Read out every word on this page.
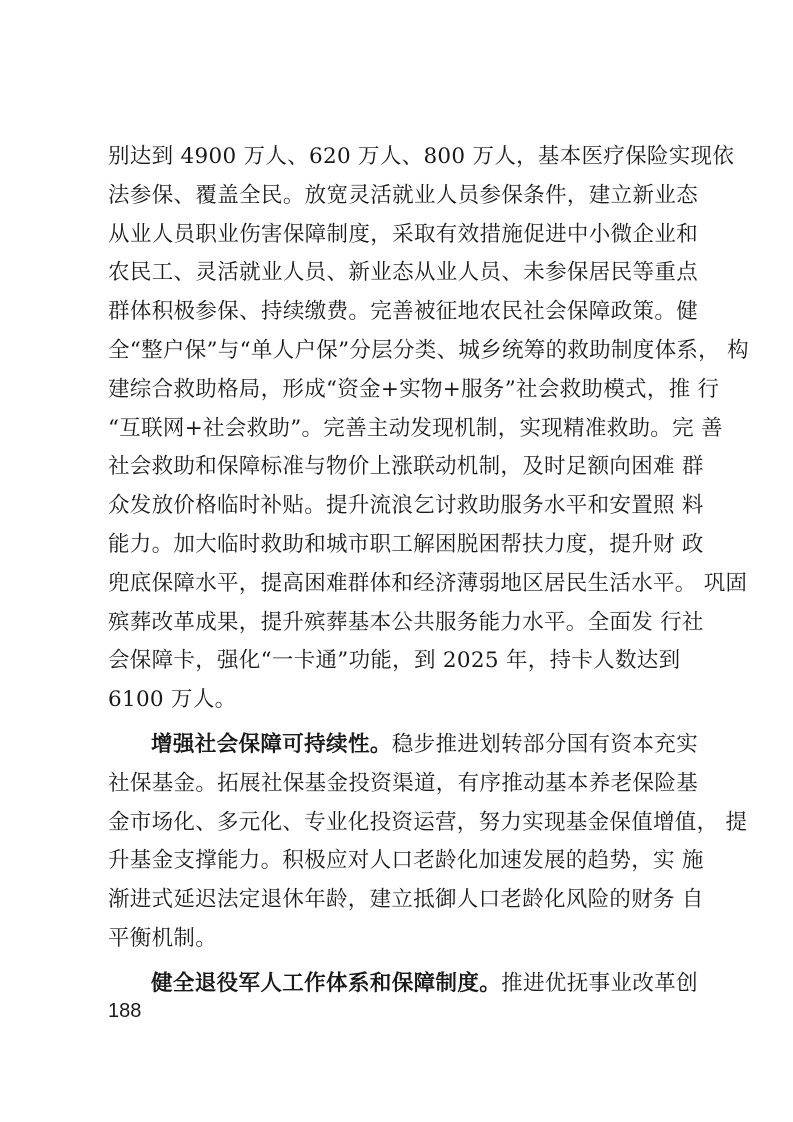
别达到 4900 万人、620 万人、800 万人，基本医疗保险实现依
法参保、覆盖全民。放宽灵活就业人员参保条件，建立新业态
从业人员职业伤害保障制度，采取有效措施促进中小微企业和
农民工、灵活就业人员、新业态从业人员、未参保居民等重点
群体积极参保、持续缴费。完善被征地农民社会保障政策。健
全“整户保”与“单人户保”分层分类、城乡统筹的救助制度体系， 构
建综合救助格局，形成“资金+实物+服务”社会救助模式，推 行
“互联网+社会救助”。完善主动发现机制，实现精准救助。完 善
社会救助和保障标准与物价上涨联动机制，及时足额向困难 群
众发放价格临时补贴。提升流浪乞讨救助服务水平和安置照 料
能力。加大临时救助和城市职工解困脱困帮扶力度，提升财 政
兜底保障水平，提高困难群体和经济薄弱地区居民生活水平。 巩固
殡葬改革成果，提升殡葬基本公共服务能力水平。全面发 行社
会保障卡，强化“一卡通”功能，到 2025 年，持卡人数达到
6100 万人。
增强社会保障可持续性。稳步推进划转部分国有资本充实
社保基金。拓展社保基金投资渠道，有序推动基本养老保险基
金市场化、多元化、专业化投资运营，努力实现基金保值增值， 提
升基金支撑能力。积极应对人口老龄化加速发展的趋势，实 施
渐进式延迟法定退休年龄，建立抵御人口老龄化风险的财务 自
平衡机制。
健全退役军人工作体系和保障制度。推进优抚事业改革创
188
